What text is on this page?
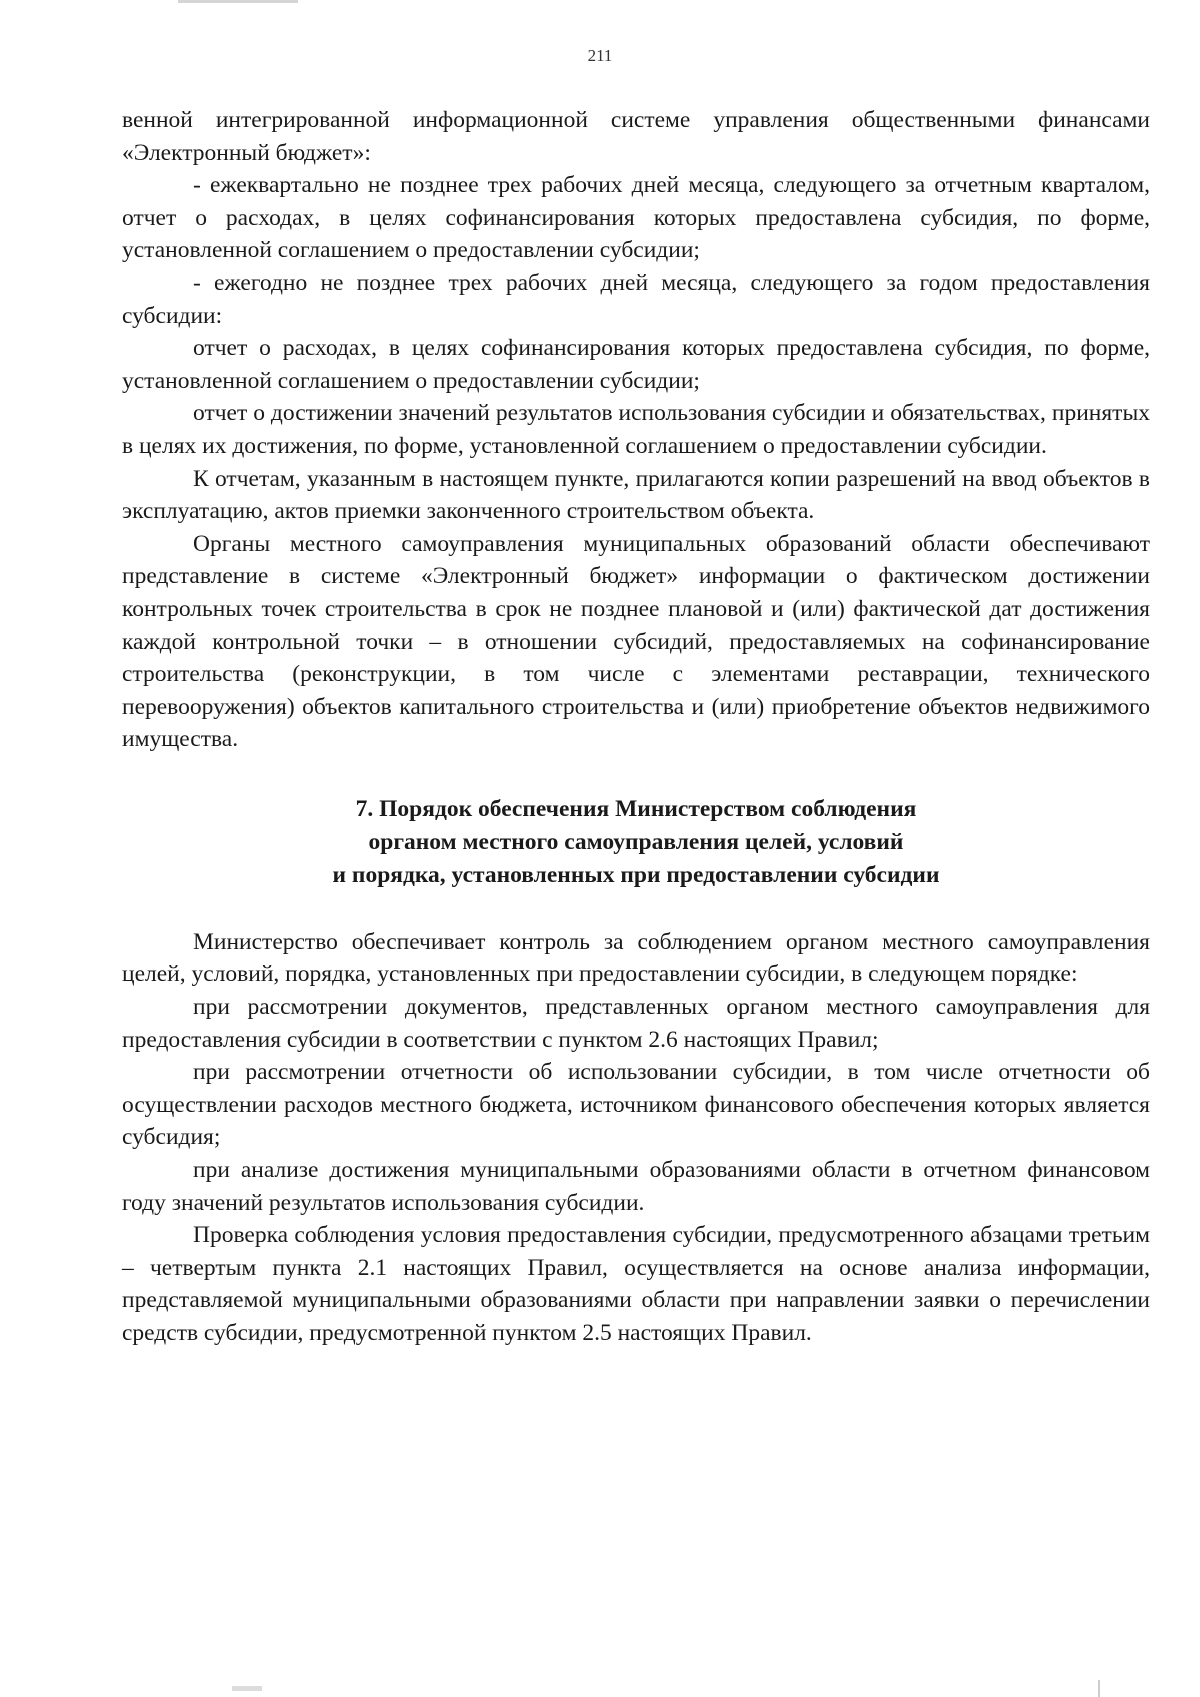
211

венной интегрированной информационной системе управления общественными финансами «Электронный бюджет»:

- ежеквартально не позднее трех рабочих дней месяца, следующего за отчетным кварталом, отчет о расходах, в целях софинансирования которых предоставлена субсидия, по форме, установленной соглашением о предоставлении субсидии;

- ежегодно не позднее трех рабочих дней месяца, следующего за годом предоставления субсидии:

отчет о расходах, в целях софинансирования которых предоставлена субсидия, по форме, установленной соглашением о предоставлении субсидии;

отчет о достижении значений результатов использования субсидии и обязательствах, принятых в целях их достижения, по форме, установленной соглашением о предоставлении субсидии.

К отчетам, указанным в настоящем пункте, прилагаются копии разрешений на ввод объектов в эксплуатацию, актов приемки законченного строительством объекта.

Органы местного самоуправления муниципальных образований области обеспечивают представление в системе «Электронный бюджет» информации о фактическом достижении контрольных точек строительства в срок не позднее плановой и (или) фактической дат достижения каждой контрольной точки – в отношении субсидий, предоставляемых на софинансирование строительства (реконструкции, в том числе с элементами реставрации, технического перевооружения) объектов капитального строительства и (или) приобретение объектов недвижимого имущества.

7. Порядок обеспечения Министерством соблюдения
органом местного самоуправления целей, условий
и порядка, установленных при предоставлении субсидии

Министерство обеспечивает контроль за соблюдением органом местного самоуправления целей, условий, порядка, установленных при предоставлении субсидии, в следующем порядке:

при рассмотрении документов, представленных органом местного самоуправления для предоставления субсидии в соответствии с пунктом 2.6 настоящих Правил;

при рассмотрении отчетности об использовании субсидии, в том числе отчетности об осуществлении расходов местного бюджета, источником финансового обеспечения которых является субсидия;

при анализе достижения муниципальными образованиями области в отчетном финансовом году значений результатов использования субсидии.

Проверка соблюдения условия предоставления субсидии, предусмотренного абзацами третьим – четвертым пункта 2.1 настоящих Правил, осуществляется на основе анализа информации, представляемой муниципальными образованиями области при направлении заявки о перечислении средств субсидии, предусмотренной пунктом 2.5 настоящих Правил.
